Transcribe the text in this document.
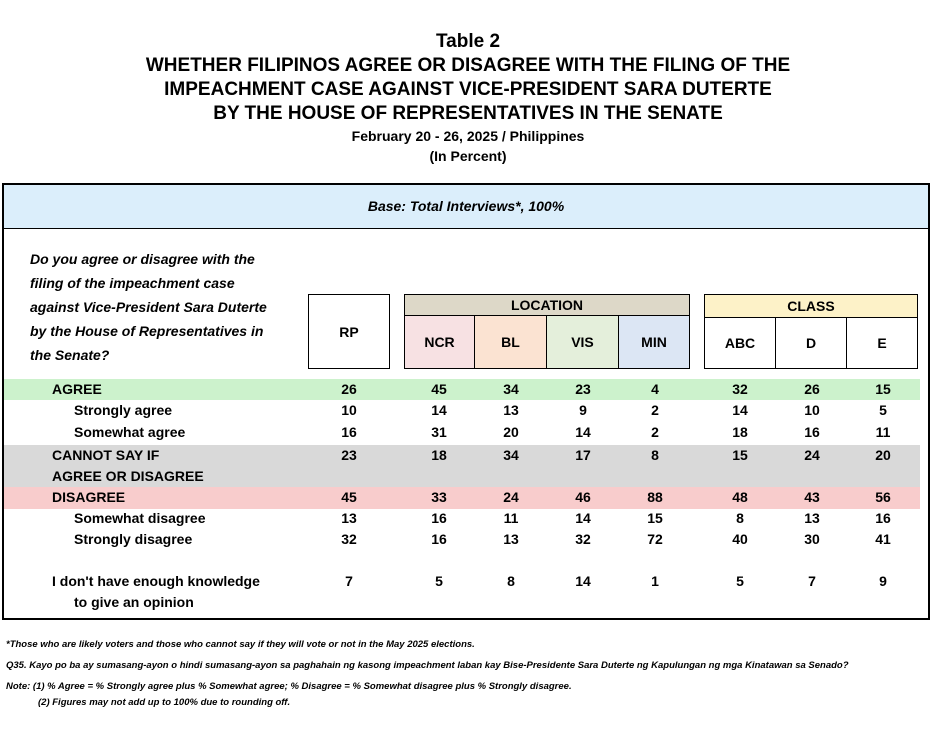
Table 2
WHETHER FILIPINOS AGREE OR DISAGREE WITH THE FILING OF THE
IMPEACHMENT CASE AGAINST VICE-PRESIDENT SARA DUTERTE
BY THE HOUSE OF REPRESENTATIVES IN THE SENATE
February 20 - 26, 2025 / Philippines
(In Percent)
Base: Total Interviews*, 100%
Do you agree or disagree with the
filing of the impeachment case
against Vice-President Sara Duterte
by the House of Representatives in
the Senate?
RP
LOCATION
NCR	BL	VIS	MIN
CLASS
ABC	D	E
AGREE	26	45	34	23	4	32	26	15
Strongly agree	10	14	13	9	2	14	10	5
Somewhat agree	16	31	20	14	2	18	16	11
CANNOT SAY IF
AGREE OR DISAGREE
23	18	34	17	8	15	24	20
DISAGREE	45	33	24	46	88	48	43	56
Somewhat disagree	13	16	11	14	15	8	13	16
Strongly disagree	32	16	13	32	72	40	30	41
I don't have enough knowledge
to give an opinion
7	5	8	14	1	5	7	9
*Those who are likely voters and those who cannot say if they will vote or not in the May 2025 elections.
Q35. Kayo po ba ay sumasang-ayon o hindi sumasang-ayon sa paghahain ng kasong impeachment laban kay Bise-Presidente Sara Duterte ng Kapulungan ng mga Kinatawan sa Senado?
Note: (1) % Agree = % Strongly agree plus % Somewhat agree; % Disagree = % Somewhat disagree plus % Strongly disagree.
(2) Figures may not add up to 100% due to rounding off.
